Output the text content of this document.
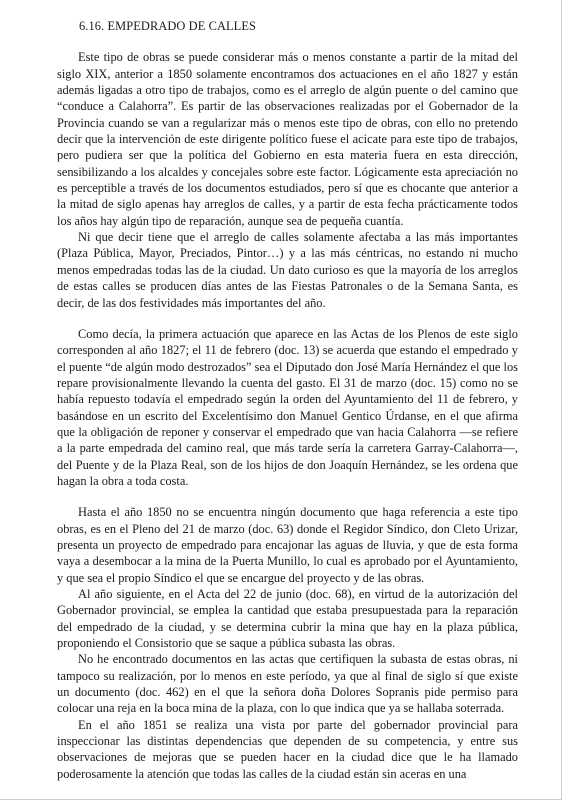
6.16. EMPEDRADO DE CALLES

Este tipo de obras se puede considerar más o menos constante a partir de la mitad del siglo XIX, anterior a 1850 solamente encontramos dos actuaciones en el año 1827 y están además ligadas a otro tipo de trabajos, como es el arreglo de algún puente o del camino que “conduce a Calahorra”. Es partir de las observaciones realizadas por el Gobernador de la Provincia cuando se van a regularizar más o menos este tipo de obras, con ello no pretendo decir que la intervención de este dirigente político fuese el acicate para este tipo de trabajos, pero pudiera ser que la política del Gobierno en esta materia fuera en esta dirección, sensibilizando a los alcaldes y concejales sobre este factor. Lógicamente esta apreciación no es perceptible a través de los documentos estudiados, pero sí que es chocante que anterior a la mitad de siglo apenas hay arreglos de calles, y a partir de esta fecha prácticamente todos los años hay algún tipo de reparación, aunque sea de pequeña cuantía.

Ni que decir tiene que el arreglo de calles solamente afectaba a las más importantes (Plaza Pública, Mayor, Preciados, Pintor…) y a las más céntricas, no estando ni mucho menos empedradas todas las de la ciudad. Un dato curioso es que la mayoría de los arreglos de estas calles se producen días antes de las Fiestas Patronales o de la Semana Santa, es decir, de las dos festividades más importantes del año.

Como decía, la primera actuación que aparece en las Actas de los Plenos de este siglo corresponden al año 1827; el 11 de febrero (doc. 13) se acuerda que estando el empedrado y el puente “de algún modo destrozados” sea el Diputado don José María Hernández el que los repare provisionalmente llevando la cuenta del gasto. El 31 de marzo (doc. 15) como no se había repuesto todavía el empedrado según la orden del Ayuntamiento del 11 de febrero, y basándose en un escrito del Excelentísimo don Manuel Gentico Úrdanse, en el que afirma que la obligación de reponer y conservar el empedrado que van hacia Calahorra —se refiere a la parte empedrada del camino real, que más tarde sería la carretera Garray-Calahorra—, del Puente y de la Plaza Real, son de los hijos de don Joaquín Hernández, se les ordena que hagan la obra a toda costa.

Hasta el año 1850 no se encuentra ningún documento que haga referencia a este tipo obras, es en el Pleno del 21 de marzo (doc. 63) donde el Regidor Síndico, don Cleto Urizar, presenta un proyecto de empedrado para encajonar las aguas de lluvia, y que de esta forma vaya a desembocar a la mina de la Puerta Munillo, lo cual es aprobado por el Ayuntamiento, y que sea el propio Síndico el que se encargue del proyecto y de las obras.

Al año siguiente, en el Acta del 22 de junio (doc. 68), en virtud de la autorización del Gobernador provincial, se emplea la cantidad que estaba presupuestada para la reparación del empedrado de la ciudad, y se determina cubrir la mina que hay en la plaza pública, proponiendo el Consistorio que se saque a pública subasta las obras.

No he encontrado documentos en las actas que certifiquen la subasta de estas obras, ni tampoco su realización, por lo menos en este período, ya que al final de siglo sí que existe un documento (doc. 462) en el que la señora doña Dolores Sopranis pide permiso para colocar una reja en la boca mina de la plaza, con lo que indica que ya se hallaba soterrada.

En el año 1851 se realiza una vista por parte del gobernador provincial para inspeccionar las distintas dependencias que dependen de su competencia, y entre sus observaciones de mejoras que se pueden hacer en la ciudad dice que le ha llamado poderosamente la atención que todas las calles de la ciudad están sin aceras en una
